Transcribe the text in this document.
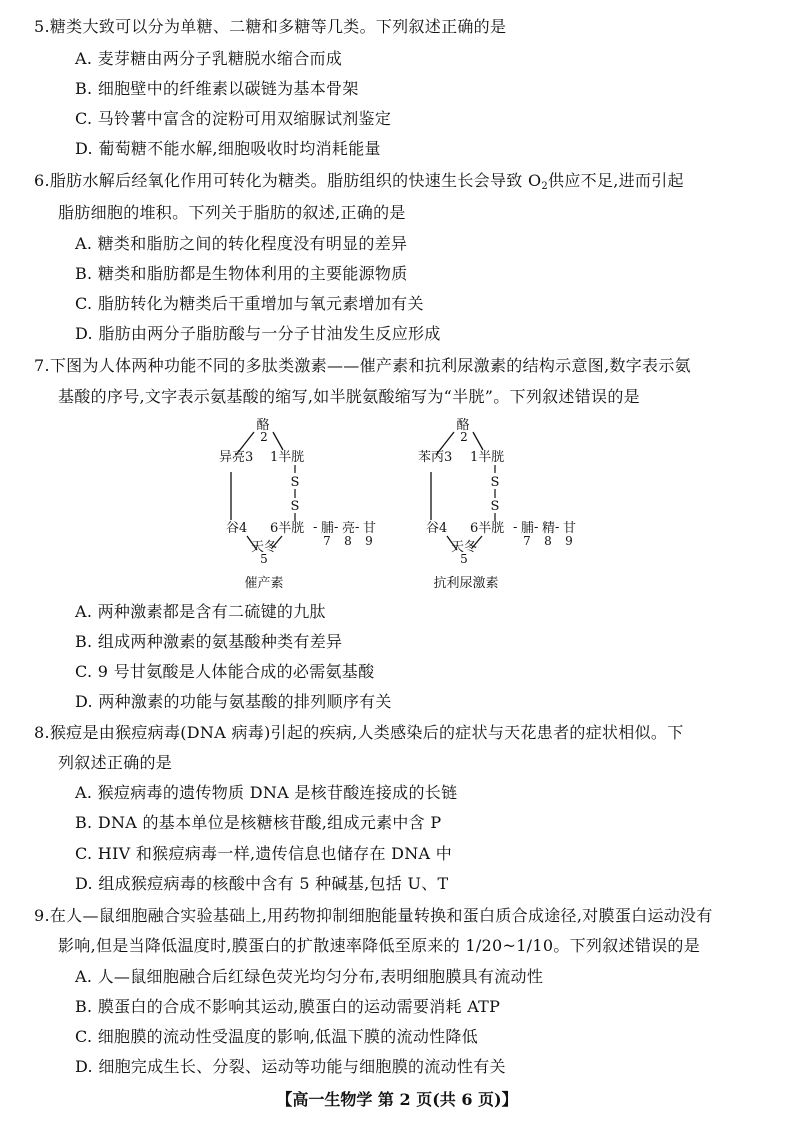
5.糖类大致可以分为单糖、二糖和多糖等几类。下列叙述正确的是
A. 麦芽糖由两分子乳糖脱水缩合而成
B. 细胞壁中的纤维素以碳链为基本骨架
C. 马铃薯中富含的淀粉可用双缩脲试剂鉴定
D. 葡萄糖不能水解,细胞吸收时均消耗能量
6.脂肪水解后经氧化作用可转化为糖类。脂肪组织的快速生长会导致 $O_2$供应不足,进而引起
脂肪细胞的堆积。下列关于脂肪的叙述,正确的是
A. 糖类和脂肪之间的转化程度没有明显的差异
B. 糖类和脂肪都是生物体利用的主要能源物质
C. 脂肪转化为糖类后干重增加与氧元素增加有关
D. 脂肪由两分子脂肪酸与一分子甘油发生反应形成
7.下图为人体两种功能不同的多肽类激素——催产素和抗利尿激素的结构示意图,数字表示氨
基酸的序号,文字表示氨基酸的缩写,如半胱氨酸缩写为“半胱”。下列叙述错误的是
酪
2
异亮3 1半胱
S
S
谷4 6半胱 - 脯 - 亮 - 甘
7 8 9
天冬
5
催产素
酪
2
苯丙3 1半胱
S
S
谷4 6半胱 - 脯 - 精 - 甘
7 8 9
天冬
5
抗利尿激素
A. 两种激素都是含有二硫键的九肽
B. 组成两种激素的氨基酸种类有差异
C. 9 号甘氨酸是人体能合成的必需氨基酸
D. 两种激素的功能与氨基酸的排列顺序有关
8.猴痘是由猴痘病毒(DNA 病毒)引起的疾病,人类感染后的症状与天花患者的症状相似。下
列叙述正确的是
A. 猴痘病毒的遗传物质 DNA 是核苷酸连接成的长链
B. DNA 的基本单位是核糖核苷酸,组成元素中含 P
C. HIV 和猴痘病毒一样,遗传信息也储存在 DNA 中
D. 组成猴痘病毒的核酸中含有 5 种碱基,包括 U、T
9.在人—鼠细胞融合实验基础上,用药物抑制细胞能量转换和蛋白质合成途径,对膜蛋白运动没有
影响,但是当降低温度时,膜蛋白的扩散速率降低至原来的 1/20~1/10。下列叙述错误的是
A. 人—鼠细胞融合后红绿色荧光均匀分布,表明细胞膜具有流动性
B. 膜蛋白的合成不影响其运动,膜蛋白的运动需要消耗 ATP
C. 细胞膜的流动性受温度的影响,低温下膜的流动性降低
D. 细胞完成生长、分裂、运动等功能与细胞膜的流动性有关
【高一生物学 第 2 页(共 6 页)】
